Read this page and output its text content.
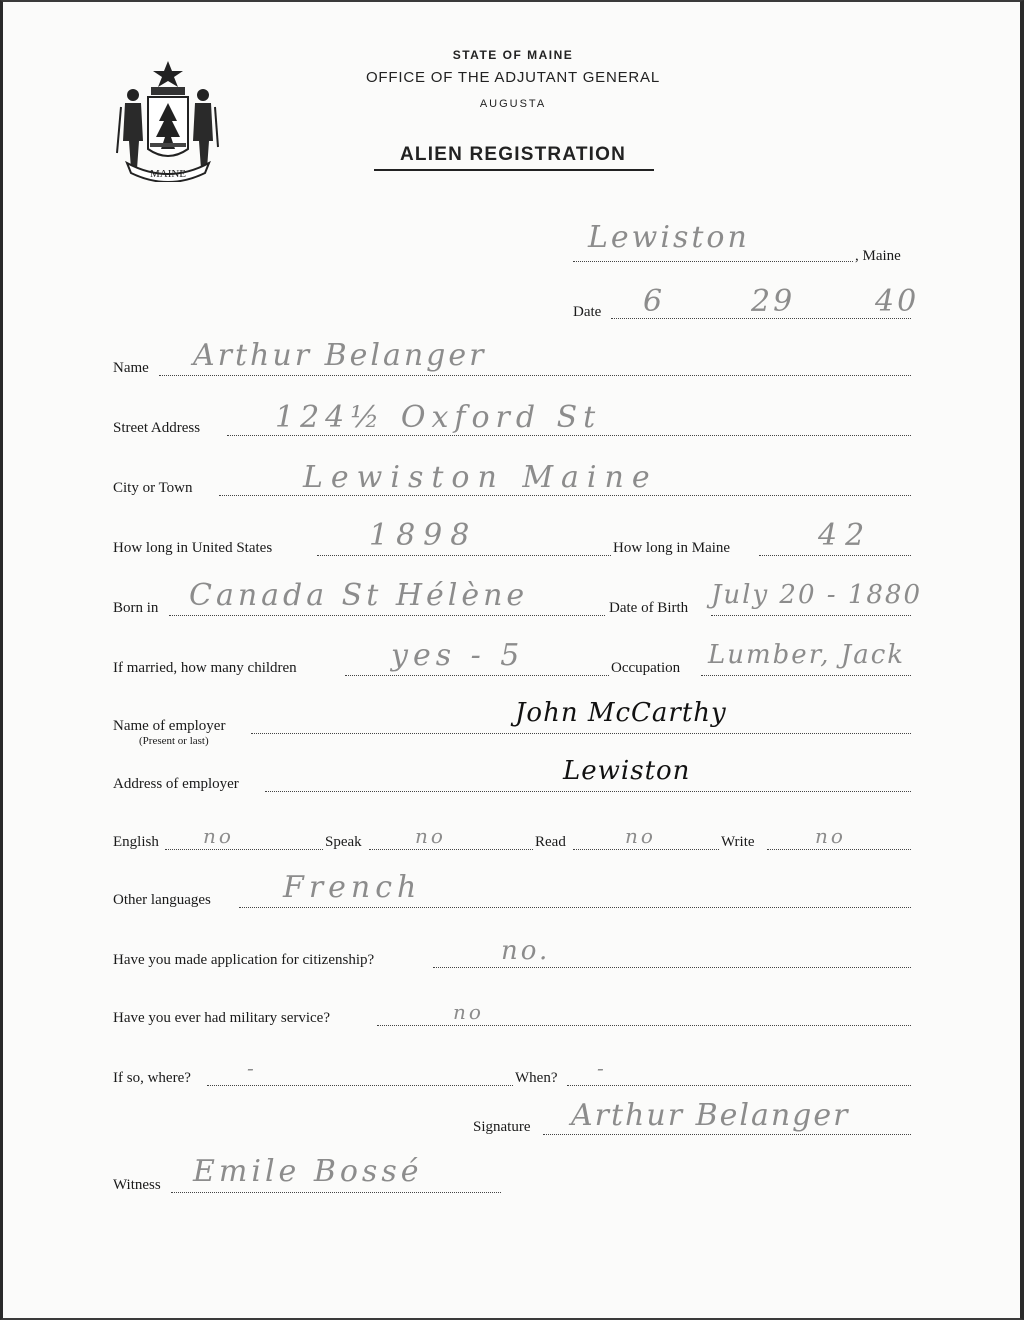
MAINE
STATE OF MAINE
OFFICE OF THE ADJUTANT GENERAL
AUGUSTA
ALIEN REGISTRATION
Lewiston
, Maine
Date 6	29	40
Name Arthur Belanger
Street Address 124½ Oxford St
City or Town	Lewiston Maine
How long in United States	1898	How long in Maine	42
Born in Canada St Hélène	Date of Birth July 20 - 1880
If married, how many children	yes - 5	Occupation Lumber, Jack
Name of employer
(Present or last)
John McCarthy
Address of employer	Lewiston
English no	Speak	no	Read	no	Write	no
Other languages French
Have you made application for citizenship?	no.
Have you ever had military service?	no
If so, where?	-	When? -
Signature Arthur Belanger
Witness Emile Bossé
